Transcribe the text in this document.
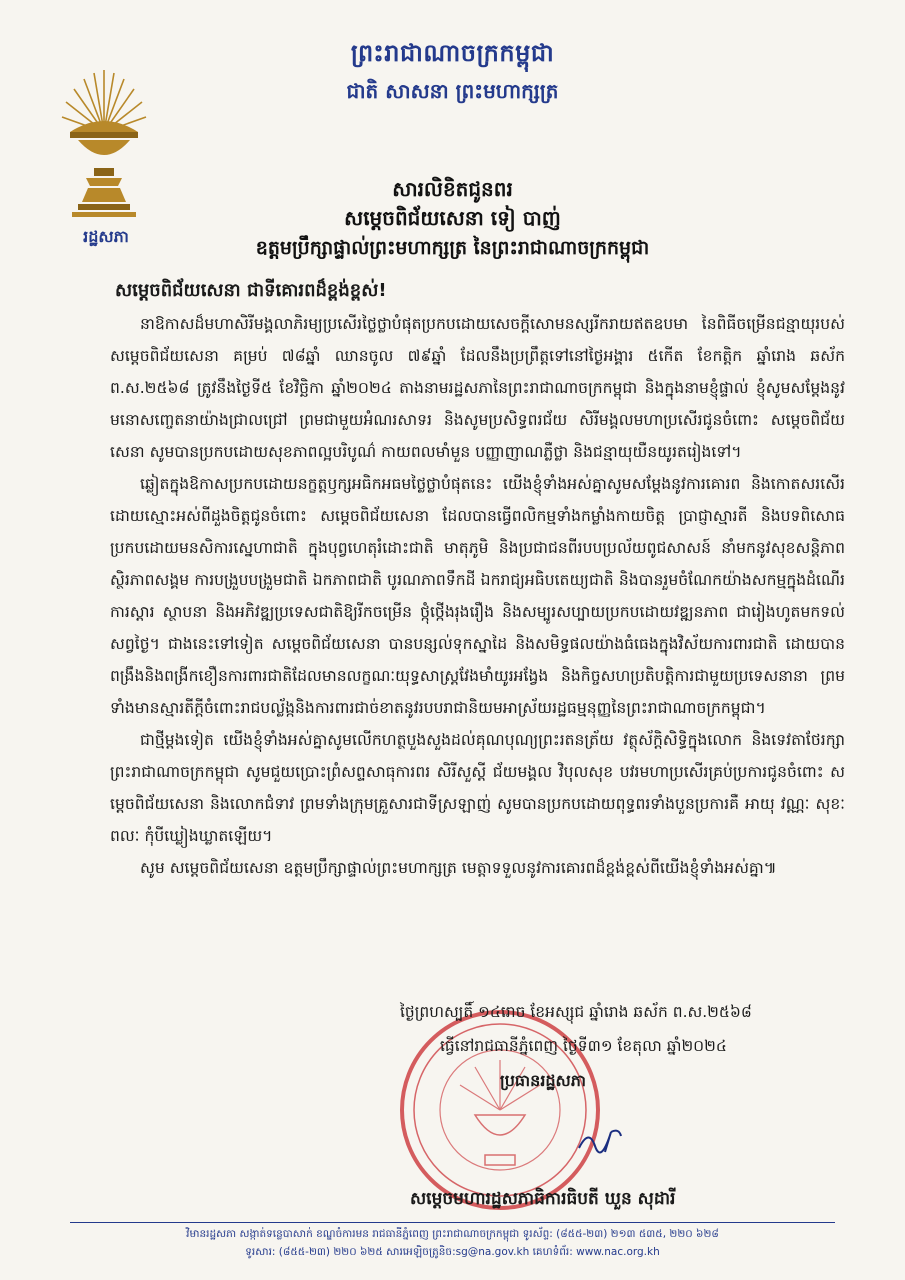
ព្រះរាជាណាចក្រកម្ពុជា
ជាតិ សាសនា ព្រះមហាក្សត្រ
រដ្ឋសភា
សារលិខិតជូនពរ
សម្តេចពិជ័យសេនា ទៀ បាញ់
ឧត្តមប្រឹក្សាផ្ទាល់ព្រះមហាក្សត្រ នៃព្រះរាជាណាចក្រកម្ពុជា
សម្តេចពិជ័យសេនា ជាទីគោរពដ៏ខ្ពង់ខ្ពស់!

នាឱកាសដ៏មហាសិរីមង្គលាភិរម្យប្រសើរថ្លៃថ្លាបំផុតប្រកបដោយសេចក្តីសោមនស្សរីករាយឥតឧបមា នៃពិធីចម្រើនជន្មាយុរបស់ សម្តេចពិជ័យសេនា គម្រប់ ៧៨ឆ្នាំ ឈានចូល ៧៩ឆ្នាំ ដែលនឹងប្រព្រឹត្តទៅនៅថ្ងៃអង្គារ ៥កើត ខែកត្តិក ឆ្នាំរោង ឆស័ក ព.ស.២៥៦៨ ត្រូវនឹងថ្ងៃទី៥ ខែវិច្ឆិកា ឆ្នាំ២០២៤ តាងនាមរដ្ឋសភានៃព្រះរាជាណាចក្រកម្ពុជា និងក្នុងនាមខ្ញុំផ្ទាល់ ខ្ញុំសូមសម្តែងនូវមនោសញ្ចេតនាយ៉ាងជ្រាលជ្រៅ ព្រមជាមួយអំណរសាទរ និងសូមប្រសិទ្ធពរជ័យ សិរីមង្គលមហាប្រសើរជូនចំពោះ សម្តេចពិជ័យសេនា សូមបានប្រកបដោយសុខភាពល្អបរិបូណ៌ កាយពលមាំមួន បញ្ញាញាណភ្លឺថ្លា និងជន្មាយុយឺនយូរតរៀងទៅ។

ឆ្លៀតក្នុងឱកាសប្រកបដោយនក្ខត្តឫក្សអធិកអធមថ្លៃថ្លាបំផុតនេះ យើងខ្ញុំទាំងអស់គ្នាសូមសម្តែងនូវការគោរព និងកោតសរសើរដោយស្មោះអស់ពីដួងចិត្តជូនចំពោះ សម្តេចពិជ័យសេនា ដែលបានធ្វើពលិកម្មទាំងកម្លាំងកាយចិត្ត ប្រាជ្ញាស្មារតី និងបទពិសោធ ប្រកបដោយមនសិការស្នេហាជាតិ ក្នុងបុព្វហេតុរំដោះជាតិ មាតុភូមិ និងប្រជាជនពីរបបប្រល័យពូជសាសន៍ នាំមកនូវសុខសន្តិភាព ស្ថិរភាពសង្គម ការបង្រួបបង្រួមជាតិ ឯកភាពជាតិ បូរណភាពទឹកដី ឯករាជ្យអធិបតេយ្យជាតិ និងបានរួមចំណែកយ៉ាងសកម្មក្នុងដំណើរការស្តារ ស្ថាបនា និងអភិវឌ្ឍប្រទេសជាតិឱ្យរីកចម្រើន ថ្កុំថ្កើងរុងរឿង និងសម្បូរសប្បាយប្រកបដោយវឌ្ឍនភាព ជារៀងហូតមកទល់សព្វថ្ងៃ។ ជាងនេះទៅទៀត សម្តេចពិជ័យសេនា បានបន្សល់ទុកស្នាដៃ និងសមិទ្ធផលយ៉ាងធំធេងក្នុងវិស័យការពារជាតិ ដោយបានពង្រឹងនិងពង្រីកខឿនការពារជាតិដែលមានលក្ខណៈយុទ្ធសាស្ត្រវែងមាំយូរអង្វែង និងកិច្ចសហប្រតិបត្តិការជាមួយប្រទេសនានា ព្រមទាំងមានស្មារតីក្តីចំពោះរាជបល្ល័ង្កនិងការពារជាច់ខាតនូវរបបរាជានិយមអាស្រ័យរដ្ឋធម្មនុញ្ញនៃព្រះរាជាណាចក្រកម្ពុជា។

ជាថ្មីម្តងទៀត យើងខ្ញុំទាំងអស់គ្នាសូមលើកហត្ថបួងសួងដល់គុណបុណ្យព្រះរតនត្រ័យ វត្ថុស័ក្តិសិទ្ធិក្នុងលោក និងទេវតាថែរក្សាព្រះរាជាណាចក្រកម្ពុជា សូមជួយប្រោះព្រំសព្ទសាធុការពរ សិរីសួស្តី ជ័យមង្គល វិបុលសុខ បវរមហាប្រសើរគ្រប់ប្រការជូនចំពោះ សម្តេចពិជ័យសេនា និងលោកជំទាវ ព្រមទាំងក្រុមគ្រួសារជាទីស្រឡាញ់ សូមបានប្រកបដោយពុទ្ធពរទាំងបួនប្រការគឺ អាយុ វណ្ណៈ សុខៈ ពលៈ កុំបីឃ្លៀងឃ្លាតឡើយ។

សូម សម្តេចពិជ័យសេនា ឧត្តមប្រឹក្សាផ្ទាល់ព្រះមហាក្សត្រ មេត្តាទទួលនូវការគោរពដ៏ខ្ពង់ខ្ពស់ពីយើងខ្ញុំទាំងអស់គ្នា៕

ថ្ងៃព្រហស្បតិ៍ ១៤រោច ខែអស្សុជ ឆ្នាំរោង ឆស័ក ព.ស.២៥៦៨
ធ្វើនៅរាជធានីភ្នំពេញ ថ្ងៃទី៣១ ខែតុលា ឆ្នាំ២០២៤
ប្រធានរដ្ឋសភា
សម្តេចមហារដ្ឋសភាធិការធិបតី ឃួន សុដារី
វិមានរដ្ឋសភា សង្កាត់ទន្លេបាសាក់ ខណ្ឌចំការមន រាជធានីភ្នំពេញ ព្រះរាជាណាចក្រកម្ពុជា ទូរស័ព្ទ: (៨៥៥-២៣) ២១៣ ៥៣៥, ២២០ ៦២៨
ទូរសារ: (៨៥៥-២៣) ២២០ ៦២៥ សារអេឡិចត្រូនិច:sg@na.gov.kh គេហទំព័រ: www.nac.org.kh
